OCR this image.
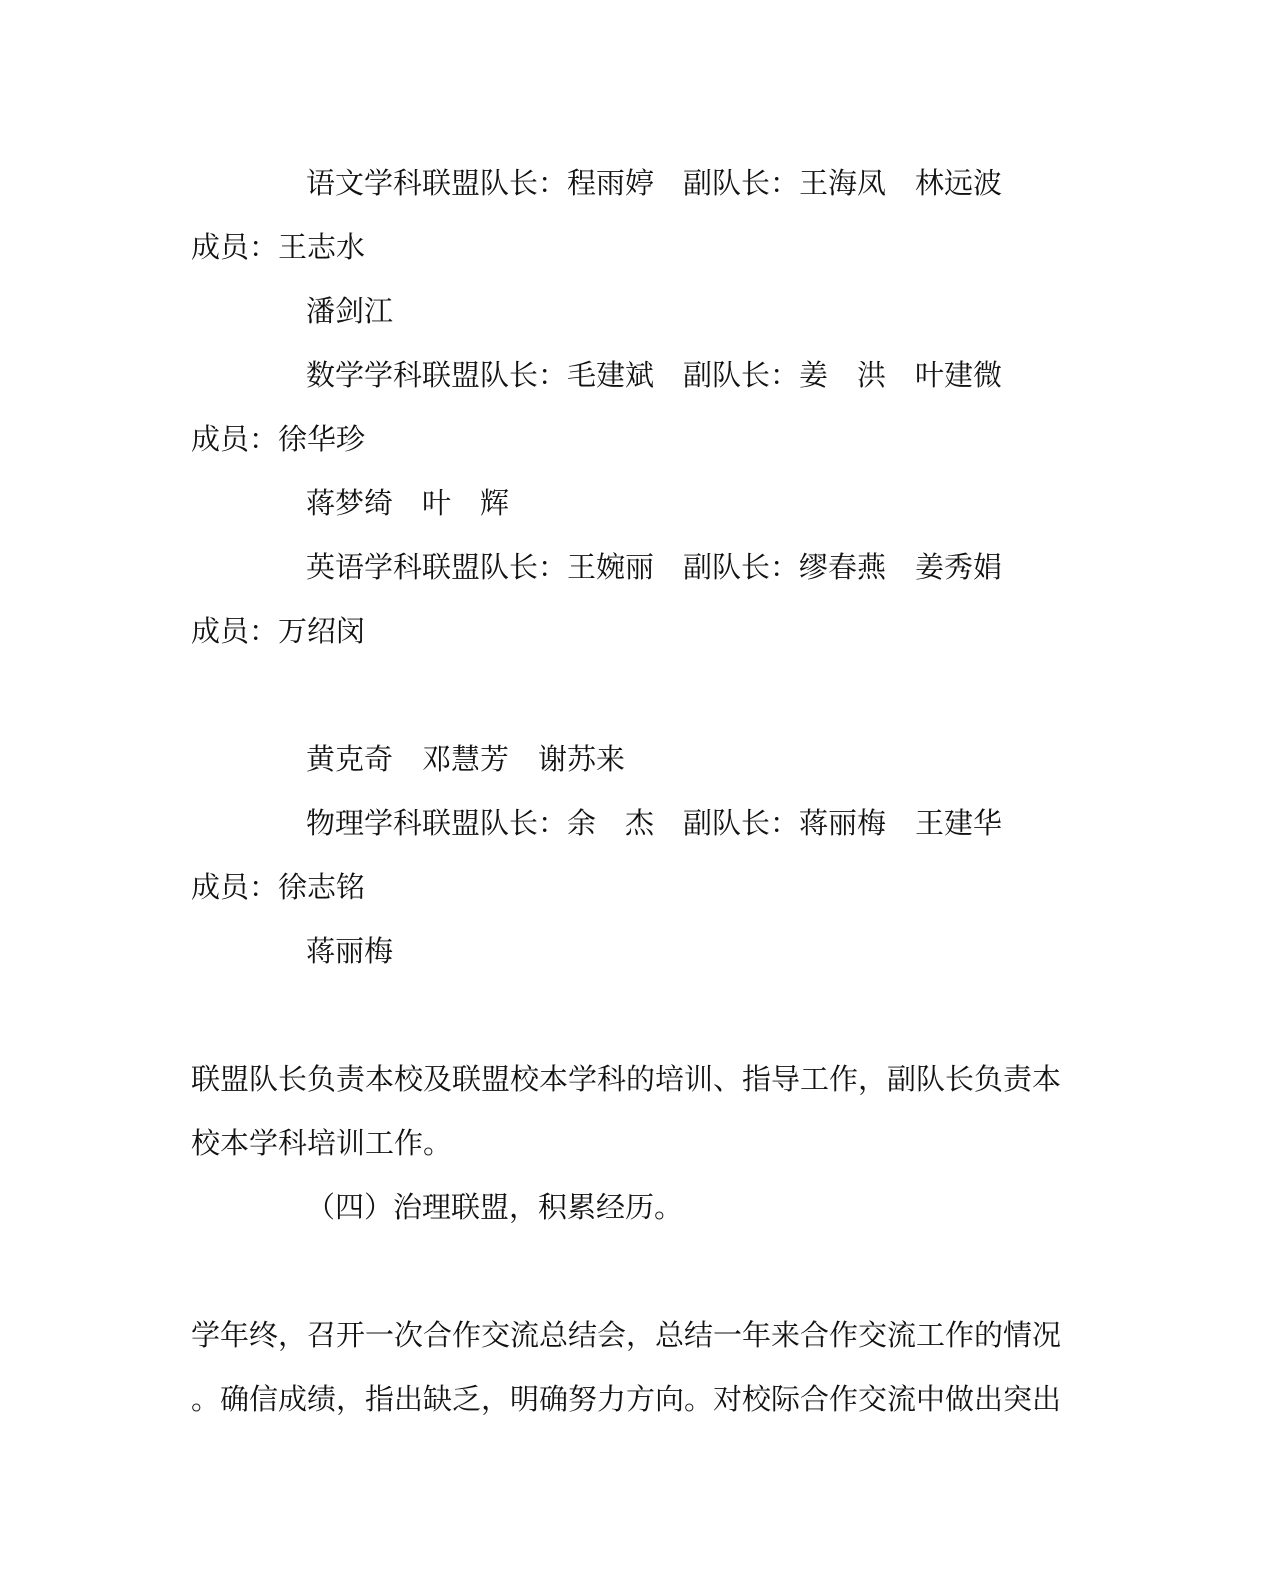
语文学科联盟队长：程雨婷　副队长：王海凤　林远波

成员：王志水

潘剑江

数学学科联盟队长：毛建斌　副队长：姜　洪　叶建微

成员：徐华珍

蒋梦绮　叶　辉

英语学科联盟队长：王婉丽　副队长：缪春燕　姜秀娟

成员：万绍闵

黄克奇　邓慧芳　谢苏来

物理学科联盟队长：余　杰　副队长：蒋丽梅　王建华

成员：徐志铭

蒋丽梅

联盟队长负责本校及联盟校本学科的培训、指导工作，副队长负责本

校本学科培训工作。

（四）治理联盟，积累经历。

学年终，召开一次合作交流总结会，总结一年来合作交流工作的情况

。确信成绩，指出缺乏，明确努力方向。对校际合作交流中做出突出
